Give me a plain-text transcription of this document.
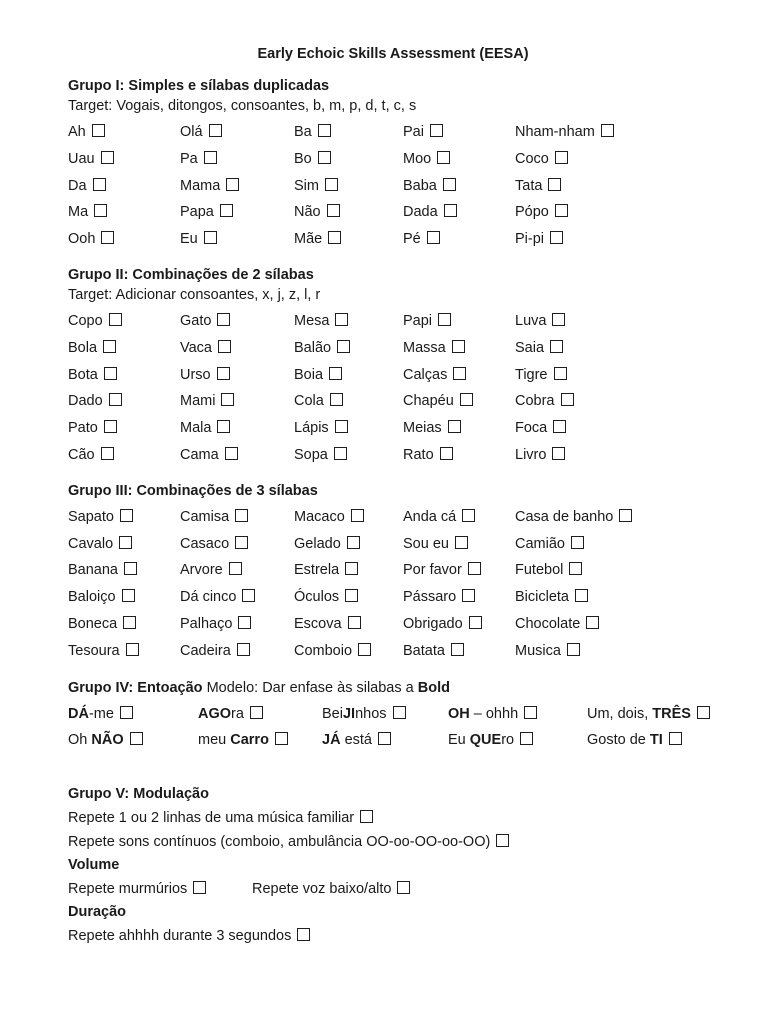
Early Echoic Skills Assessment (EESA)
Grupo I: Simples e sílabas duplicadas
Target: Vogais, ditongos, consoantes, b, m, p, d, t, c, s
Ah	Olá	Ba	Pai	Nham-nham
Uau	Pa	Bo	Moo	Coco
Da	Mama	Sim	Baba	Tata
Ma	Papa	Não	Dada	Pópo
Ooh	Eu	Mãe	Pé	Pi-pi
Grupo II: Combinações de 2 sílabas
Target: Adicionar consoantes, x, j, z, l, r
Copo	Gato	Mesa	Papi	Luva
Bola	Vaca	Balão	Massa	Saia
Bota	Urso	Boia	Calças	Tigre
Dado	Mami	Cola	Chapéu	Cobra
Pato	Mala	Lápis	Meias	Foca
Cão	Cama	Sopa	Rato	Livro
Grupo III: Combinações de 3 sílabas
Sapato	Camisa	Macaco	Anda cá	Casa de banho
Cavalo	Casaco	Gelado	Sou eu	Camião
Banana	Arvore	Estrela	Por favor	Futebol
Baloiço	Dá cinco	Óculos	Pássaro	Bicicleta
Boneca	Palhaço	Escova	Obrigado	Chocolate
Tesoura	Cadeira	Comboio	Batata	Musica
Grupo IV: Entoação Modelo: Dar enfase às silabas a Bold
DÁ-me	AGOra	BeiJInhos	OH – ohhh	Um, dois, TRÊS
Oh NÃO	meu Carro	JÁ está	Eu QUEro	Gosto de TI
Grupo V: Modulação
Repete 1 ou 2 linhas de uma música familiar
Repete sons contínuos (comboio, ambulância OO-oo-OO-oo-OO)
Volume
Repete murmúrios	Repete voz baixo/alto
Duração
Repete ahhhh durante 3 segundos
